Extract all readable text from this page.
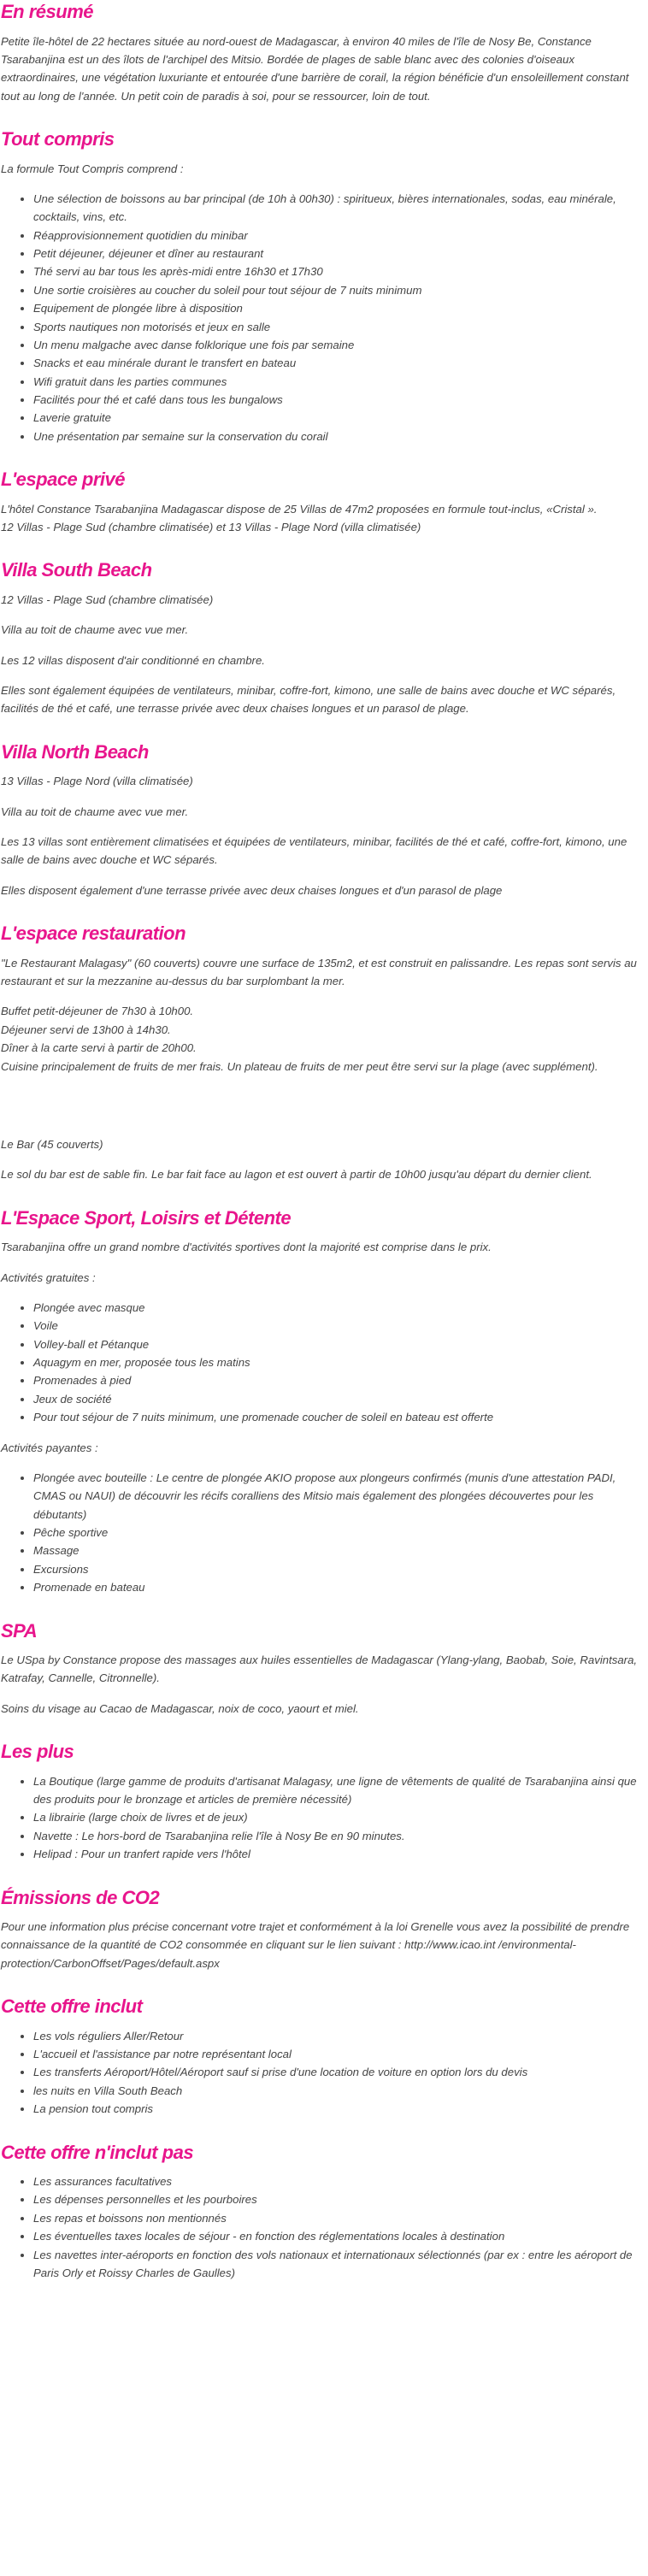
En résumé

Petite île-hôtel de 22 hectares située au nord-ouest de Madagascar, à environ 40 miles de l'île de Nosy Be, Constance Tsarabanjina est un des îlots de l'archipel des Mitsio. Bordée de plages de sable blanc avec des colonies d'oiseaux extraordinaires, une végétation luxuriante et entourée d'une barrière de corail, la région bénéficie d'un ensoleillement constant tout au long de l'année. Un petit coin de paradis à soi, pour se ressourcer, loin de tout.

Tout compris

La formule Tout Compris comprend :

• Une sélection de boissons au bar principal (de 10h à 00h30) : spiritueux, bières internationales, sodas, eau minérale, cocktails, vins, etc.
• Réapprovisionnement quotidien du minibar
• Petit déjeuner, déjeuner et dîner au restaurant
• Thé servi au bar tous les après-midi entre 16h30 et 17h30
• Une sortie croisières au coucher du soleil pour tout séjour de 7 nuits minimum
• Equipement de plongée libre à disposition
• Sports nautiques non motorisés et jeux en salle
• Un menu malgache avec danse folklorique une fois par semaine
• Snacks et eau minérale durant le transfert en bateau
• Wifi gratuit dans les parties communes
• Facilités pour thé et café dans tous les bungalows
• Laverie gratuite
• Une présentation par semaine sur la conservation du corail
L'espace privé

L'hôtel Constance Tsarabanjina Madagascar dispose de 25 Villas de 47m2 proposées en formule tout-inclus, «Cristal ».
12 Villas - Plage Sud (chambre climatisée) et 13 Villas - Plage Nord (villa climatisée)

Villa South Beach

12 Villas - Plage Sud (chambre climatisée)

Villa au toit de chaume avec vue mer.

Les 12 villas disposent d'air conditionné en chambre.

Elles sont également équipées de ventilateurs, minibar, coffre-fort, kimono, une salle de bains avec douche et WC séparés, facilités de thé et café, une terrasse privée avec deux chaises longues et un parasol de plage.

Villa North Beach

13 Villas - Plage Nord (villa climatisée)

Villa au toit de chaume avec vue mer.

Les 13 villas sont entièrement climatisées et équipées de ventilateurs, minibar, facilités de thé et café, coffre-fort, kimono, une salle de bains avec douche et WC séparés.

Elles disposent également d'une terrasse privée avec deux chaises longues et d'un parasol de plage

L'espace restauration

"Le Restaurant Malagasy" (60 couverts) couvre une surface de 135m2, et est construit en palissandre. Les repas sont servis au restaurant et sur la mezzanine au-dessus du bar surplombant la mer.

Buffet petit-déjeuner de 7h30 à 10h00.
Déjeuner servi de 13h00 à 14h30.
Dîner à la carte servi à partir de 20h00.
Cuisine principalement de fruits de mer frais. Un plateau de fruits de mer peut être servi sur la plage (avec supplément).

Le Bar (45 couverts)

Le sol du bar est de sable fin. Le bar fait face au lagon et est ouvert à partir de 10h00 jusqu'au départ du dernier client.

L'Espace Sport, Loisirs et Détente

Tsarabanjina offre un grand nombre d'activités sportives dont la majorité est comprise dans le prix.

Activités gratuites :

• Plongée avec masque
• Voile
• Volley-ball et Pétanque
• Aquagym en mer, proposée tous les matins
• Promenades à pied
• Jeux de société
• Pour tout séjour de 7 nuits minimum, une promenade coucher de soleil en bateau est offerte

Activités payantes :

• Plongée avec bouteille : Le centre de plongée AKIO propose aux plongeurs confirmés (munis d'une attestation PADI, CMAS ou NAUI) de découvrir les récifs coralliens des Mitsio mais également des plongées découvertes pour les débutants)
• Pêche sportive
• Massage
• Excursions
• Promenade en bateau
SPA

Le USpa by Constance propose des massages aux huiles essentielles de Madagascar (Ylang-ylang, Baobab, Soie, Ravintsara, Katrafay, Cannelle, Citronnelle).

Soins du visage au Cacao de Madagascar, noix de coco, yaourt et miel.

Les plus
• La Boutique (large gamme de produits d'artisanat Malagasy, une ligne de vêtements de qualité de Tsarabanjina ainsi que des produits pour le bronzage et articles de première nécessité)
• La librairie (large choix de livres et de jeux)
• Navette : Le hors-bord de Tsarabanjina relie l'île à Nosy Be en 90 minutes.
• Helipad : Pour un tranfert rapide vers l'hôtel
Émissions de CO2

Pour une information plus précise concernant votre trajet et conformément à la loi Grenelle vous avez la possibilité de prendre connaissance de la quantité de CO2 consommée en cliquant sur le lien suivant : http://www.icao.int /environmental-protection/CarbonOffset/Pages/default.aspx

Cette offre inclut
• Les vols réguliers Aller/Retour
• L'accueil et l'assistance par notre représentant local
• Les transferts Aéroport/Hôtel/Aéroport sauf si prise d'une location de voiture en option lors du devis
• les nuits en Villa South Beach
• La pension tout compris
Cette offre n'inclut pas
• Les assurances facultatives
• Les dépenses personnelles et les pourboires
• Les repas et boissons non mentionnés
• Les éventuelles taxes locales de séjour - en fonction des réglementations locales à destination
• Les navettes inter-aéroports en fonction des vols nationaux et internationaux sélectionnés (par ex : entre les aéroport de Paris Orly et Roissy Charles de Gaulles)
